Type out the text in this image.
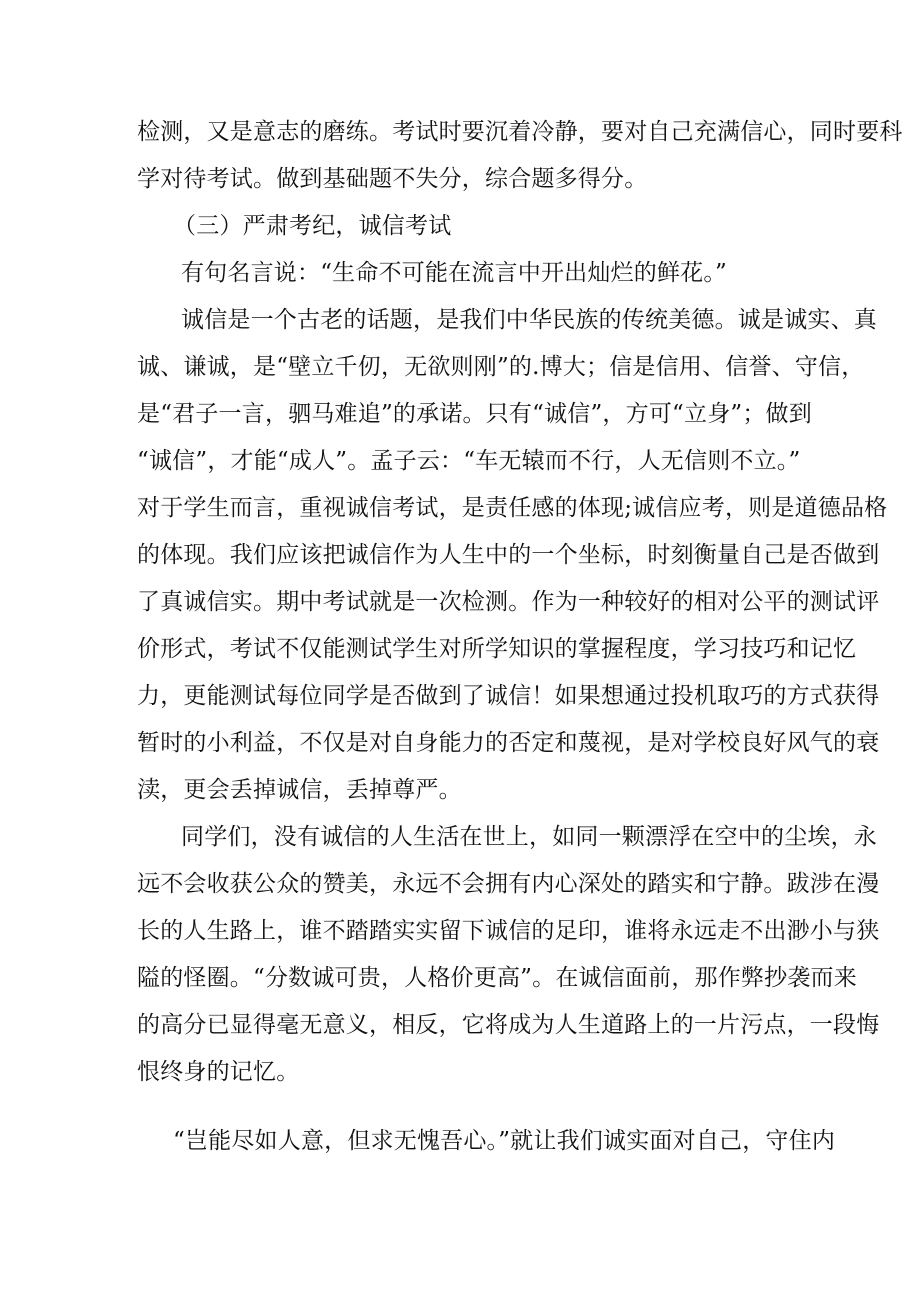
检测，又是意志的磨练。考试时要沉着冷静，要对自己充满信心，同时要科
学对待考试。做到基础题不失分，综合题多得分。
（三）严肃考纪，诚信考试
有句名言说：“生命不可能在流言中开出灿烂的鲜花。”
诚信是一个古老的话题，是我们中华民族的传统美德。诚是诚实、真
诚、谦诚，是“壁立千仞，无欲则刚”的.博大；信是信用、信誉、守信，
是“君子一言，驷马难追”的承诺。只有“诚信”，方可“立身”；做到
“诚信”，才能“成人”。孟子云：“车无辕而不行，人无信则不立。”
对于学生而言，重视诚信考试，是责任感的体现;诚信应考，则是道德品格
的体现。我们应该把诚信作为人生中的一个坐标，时刻衡量自己是否做到
了真诚信实。期中考试就是一次检测。作为一种较好的相对公平的测试评
价形式，考试不仅能测试学生对所学知识的掌握程度，学习技巧和记忆
力，更能测试每位同学是否做到了诚信！如果想通过投机取巧的方式获得
暂时的小利益，不仅是对自身能力的否定和蔑视，是对学校良好风气的衰
渎，更会丢掉诚信，丢掉尊严。
同学们，没有诚信的人生活在世上，如同一颗漂浮在空中的尘埃，永
远不会收获公众的赞美，永远不会拥有内心深处的踏实和宁静。跋涉在漫
长的人生路上，谁不踏踏实实留下诚信的足印，谁将永远走不出渺小与狭
隘的怪圈。“分数诚可贵，人格价更高”。在诚信面前，那作弊抄袭而来
的高分已显得毫无意义，相反，它将成为人生道路上的一片污点，一段悔
恨终身的记忆。
“岂能尽如人意，但求无愧吾心。”就让我们诚实面对自己，守住内
